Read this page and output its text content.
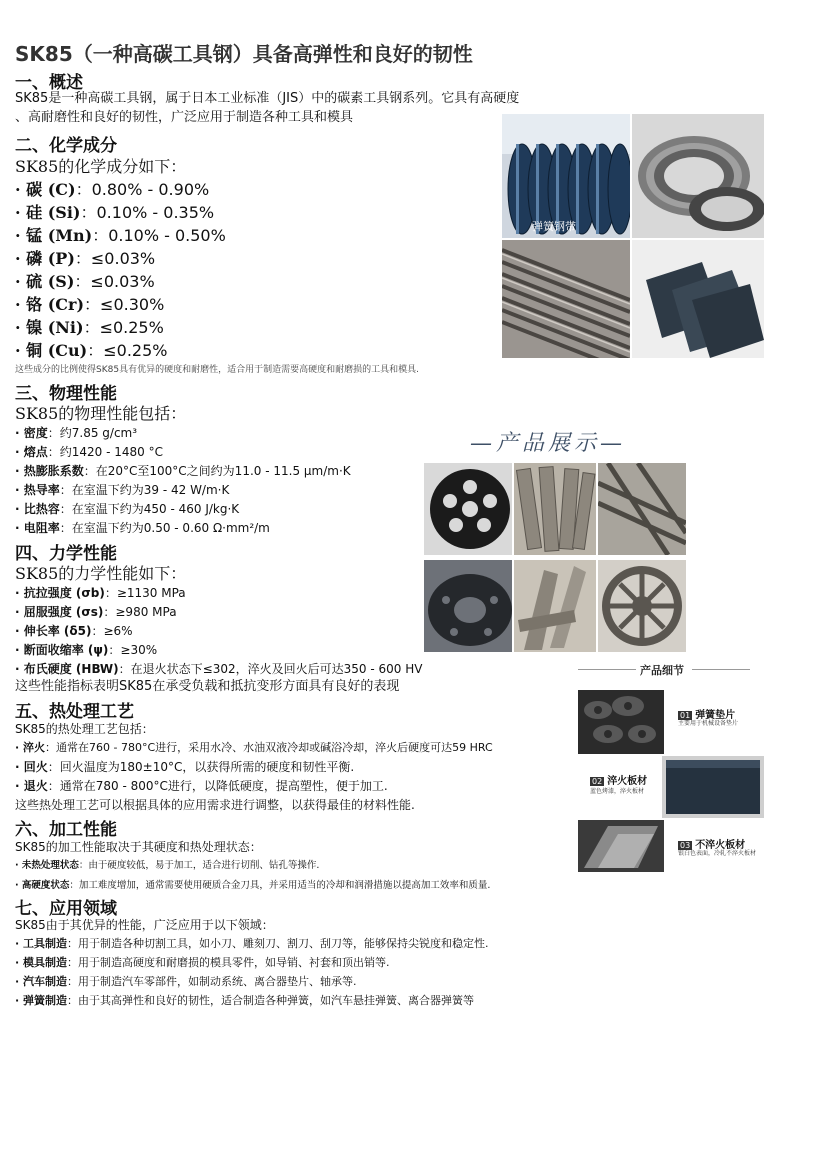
SK85（一种高碳工具钢）具备高弹性和良好的韧性
一、概述
SK85是一种高碳工具钢，属于日本工业标准（JIS）中的碳素工具钢系列。它具有高硬度
、高耐磨性和良好的韧性，广泛应用于制造各种工具和模具
二、化学成分
SK85的化学成分如下：
· 碳 (C)：0.80% - 0.90%
· 硅 (Si)：0.10% - 0.35%
· 锰 (Mn)：0.10% - 0.50%
· 磷 (P)：≤0.03%
· 硫 (S)：≤0.03%
· 铬 (Cr)：≤0.30%
· 镍 (Ni)：≤0.25%
· 铜 (Cu)：≤0.25%
这些成分的比例使得SK85具有优异的硬度和耐磨性，适合用于制造需要高硬度和耐磨损的工具和模具.
三、物理性能
SK85的物理性能包括：
· 密度：约7.85 g/cm³
· 熔点：约1420 - 1480 °C
· 热膨胀系数：在20°C至100°C之间约为11.0 - 11.5 μm/m·K
· 热导率：在室温下约为39 - 42 W/m·K
· 比热容：在室温下约为450 - 460 J/kg·K
· 电阻率：在室温下约为0.50 - 0.60 Ω·mm²/m
四、力学性能
SK85的力学性能如下：
· 抗拉强度 (σb)：≥1130 MPa
· 屈服强度 (σs)：≥980 MPa
· 伸长率 (δ5)：≥6%
· 断面收缩率 (ψ)：≥30%
· 布氏硬度 (HBW)：在退火状态下≤302，淬火及回火后可达350 - 600 HV
这些性能指标表明SK85在承受负载和抵抗变形方面具有良好的表现
五、热处理工艺
SK85的热处理工艺包括：
· 淬火：通常在760 - 780°C进行，采用水冷、水油双液冷却或碱浴冷却，淬火后硬度可达59 HRC
· 回火：回火温度为180±10°C，以获得所需的硬度和韧性平衡.
· 退火：通常在780 - 800°C进行，以降低硬度，提高塑性，便于加工.
这些热处理工艺可以根据具体的应用需求进行调整，以获得最佳的材料性能.
六、加工性能
SK85的加工性能取决于其硬度和热处理状态：
· 未热处理状态：由于硬度较低，易于加工，适合进行切削、钻孔等操作.
· 高硬度状态：加工难度增加，通常需要使用硬质合金刀具，并采用适当的冷却和润滑措施以提高加工效率和质量.
七、应用领域
SK85由于其优异的性能，广泛应用于以下领域：
· 工具制造：用于制造各种切割工具，如小刀、雕刻刀、割刀、刮刀等，能够保持尖锐度和稳定性.
· 模具制造：用于制造高硬度和耐磨损的模具零件，如导销、衬套和顶出销等.
· 汽车制造：用于制造汽车零部件，如制动系统、离合器垫片、轴承等.
· 弹簧制造：由于其高弹性和良好的韧性，适合制造各种弹簧，如汽车悬挂弹簧、离合器弹簧等
弹簧钢带
—产品展示—
产品细节
01 弹簧垫片
主要用于机械设备垫片
02 淬火板材
蓝色烤漆，淬火板材
03 不淬火板材
银白色表面，冷轧不淬火板材
